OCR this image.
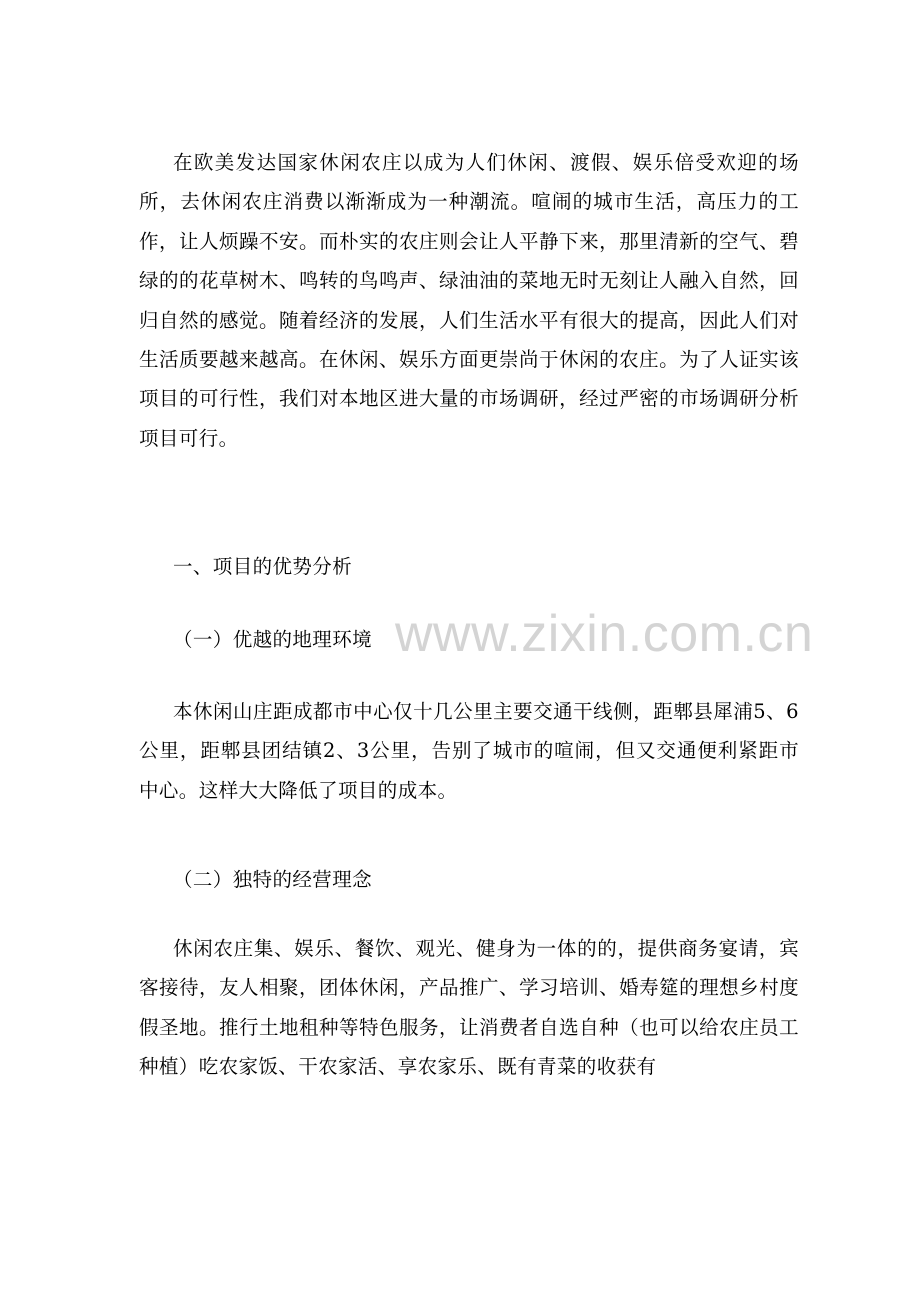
www.zixin.com.cn

在欧美发达国家休闲农庄以成为人们休闲、渡假、娱乐倍受欢迎的场所，去休闲农庄消费以渐渐成为一种潮流。喧闹的城市生活，高压力的工作，让人烦躁不安。而朴实的农庄则会让人平静下来，那里清新的空气、碧绿的的花草树木、鸣转的鸟鸣声、绿油油的菜地无时无刻让人融入自然，回归自然的感觉。随着经济的发展，人们生活水平有很大的提高，因此人们对生活质要越来越高。在休闲、娱乐方面更崇尚于休闲的农庄。为了人证实该项目的可行性，我们对本地区进大量的市场调研，经过严密的市场调研分析项目可行。

一、项目的优势分析
（一）优越的地理环境

本休闲山庄距成都市中心仅十几公里主要交通干线侧，距郫县犀浦5、6公里，距郫县团结镇2、3公里，告别了城市的喧闹，但又交通便利紧距市中心。这样大大降低了项目的成本。

（二）独特的经营理念

休闲农庄集、娱乐、餐饮、观光、健身为一体的的，提供商务宴请，宾客接待，友人相聚，团体休闲，产品推广、学习培训、婚寿筵的理想乡村度假圣地。推行土地租种等特色服务，让消费者自选自种（也可以给农庄员工种植）吃农家饭、干农家活、享农家乐、既有青菜的收获有
